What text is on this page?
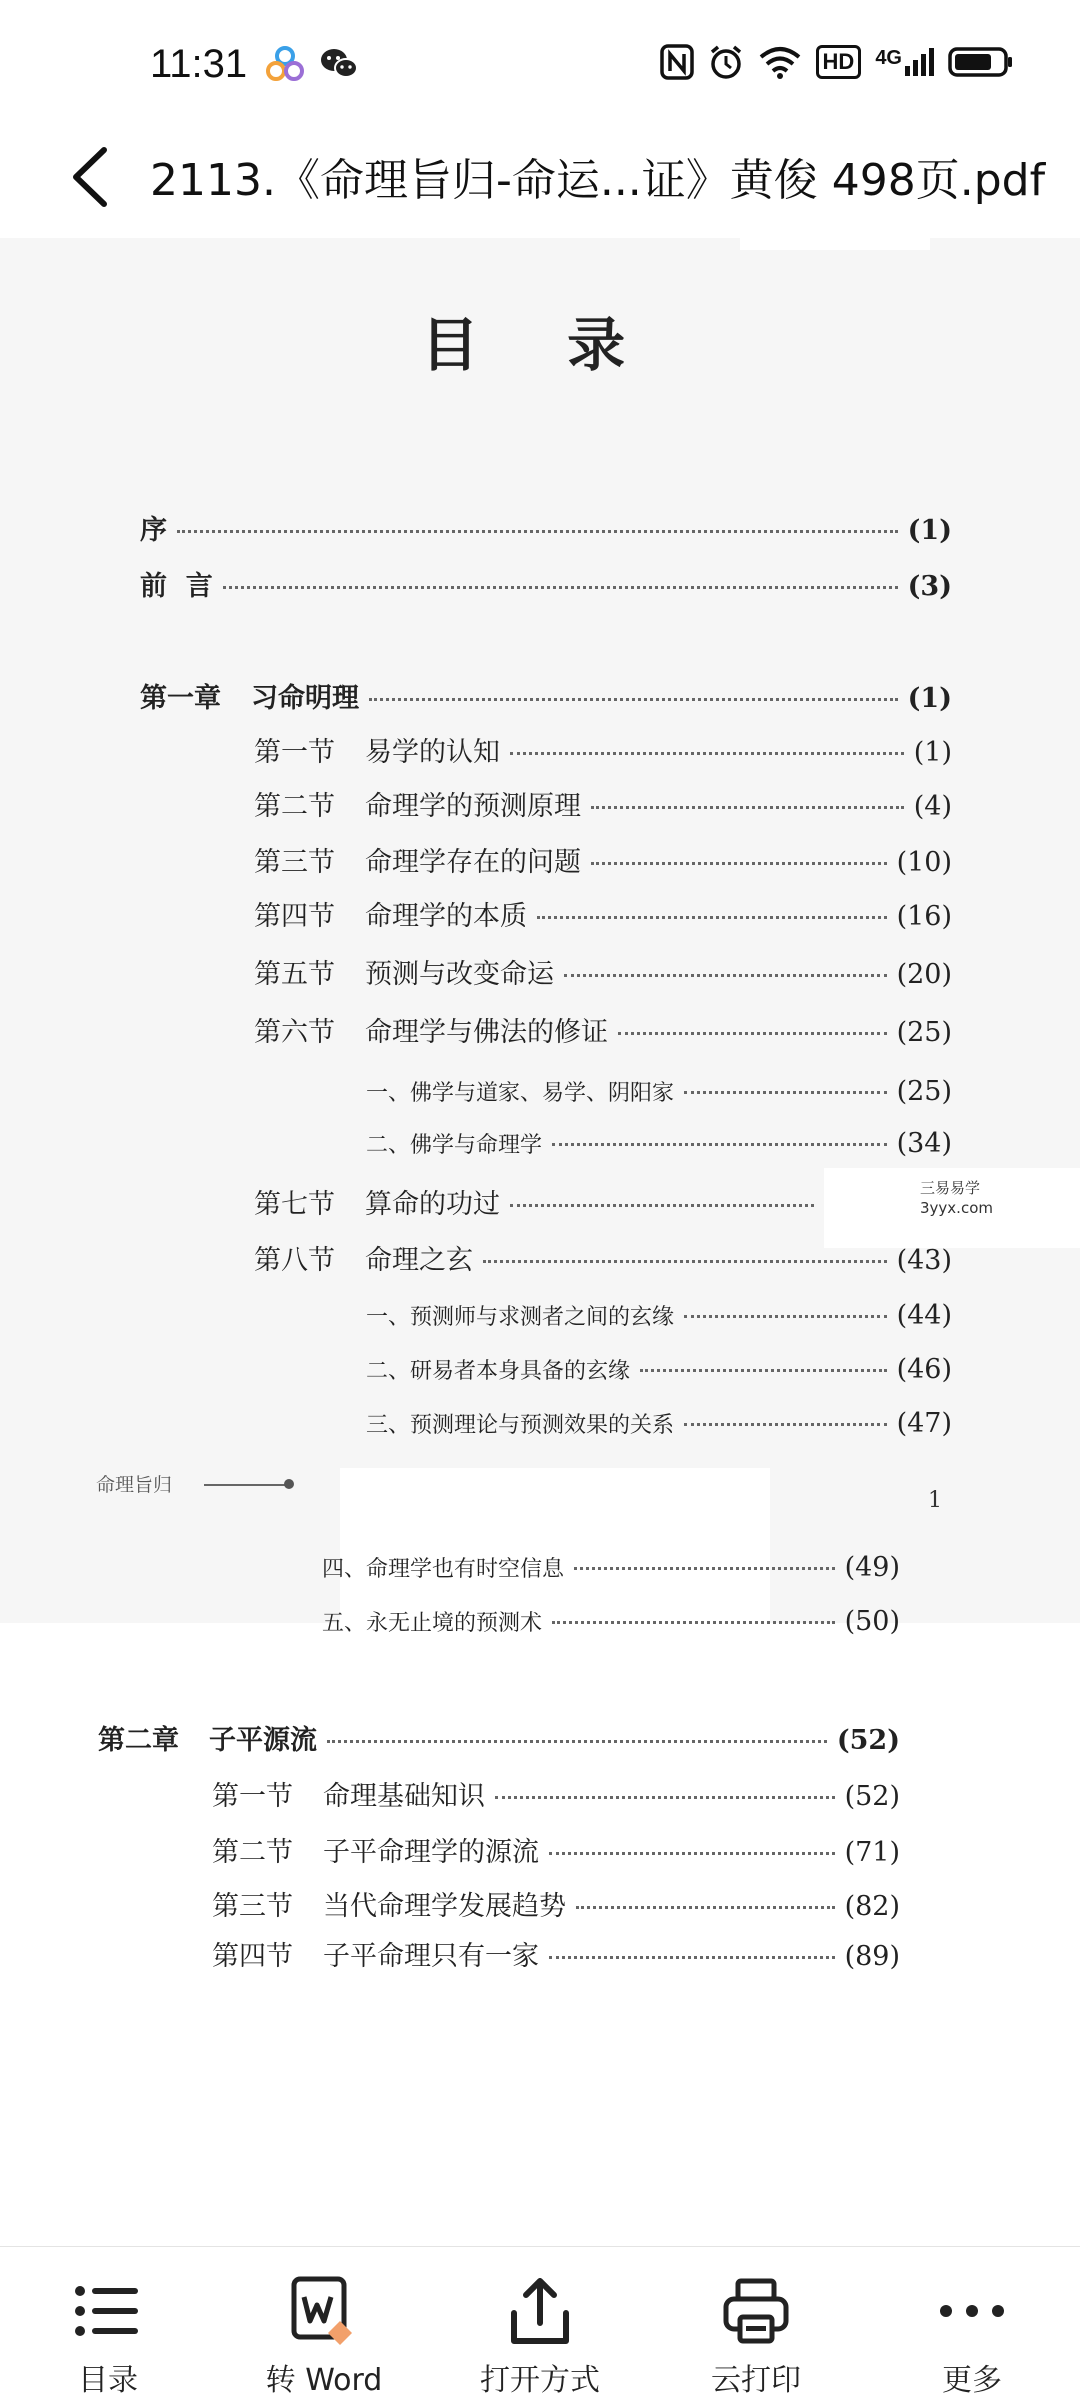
11:31	HD	4G
2113.《命理旨归-命运...证》黄俊 498页.pdf
目 录
序	(1)
前  言	(3)
第一章 习命明理	(1)
第一节 易学的认知	(1)
第二节 命理学的预测原理	(4)
第三节 命理学存在的问题	(10)
第四节 命理学的本质	(16)
第五节 预测与改变命运	(20)
第六节 命理学与佛法的修证	(25)
一、佛学与道家、易学、阴阳家	(25)
二、佛学与命理学	(34)
第七节 算命的功过
三易易学
3yyx.com
第八节 命理之玄	(43)
一、预测师与求测者之间的玄缘	(44)
二、研易者本身具备的玄缘	(46)
三、预测理论与预测效果的关系	(47)
1
命理旨归
四、命理学也有时空信息	(49)
五、永无止境的预测术	(50)
第二章 子平源流	(52)
第一节 命理基础知识	(52)
第二节 子平命理学的源流	(71)
第三节 当代命理学发展趋势	(82)
第四节 子平命理只有一家	(89)
目录	转 Word	打开方式	云打印	更多
